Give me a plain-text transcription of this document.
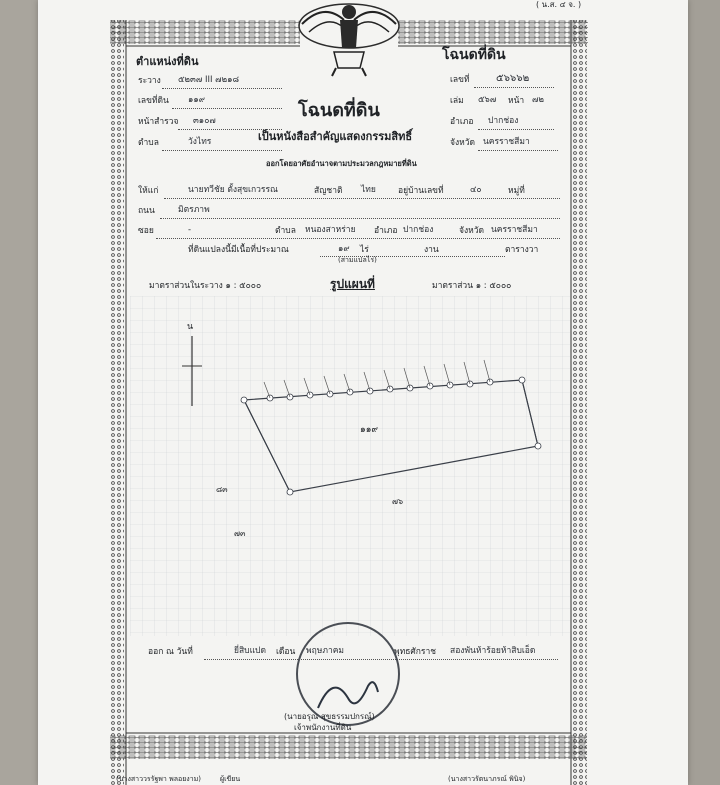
( น.ส. ๔ จ. )
ตำแหน่งที่ดิน	โฉนดที่ดิน
ระวาง ๕๒๓๗ III ๗๒๑๘
เลขที่ดิน ๑๑๙
หน้าสำรวจ ๓๑๐๗
ตำบล	วังไทร
เลขที่	๕๖๖๖๒
เล่ม ๕๖๗ หน้า ๗๒
อำเภอ ปากช่อง
จังหวัด นครราชสีมา
โฉนดที่ดิน
เป็นหนังสือสำคัญแสดงกรรมสิทธิ์
ออกโดยอาศัยอำนาจตามประมวลกฎหมายที่ดิน
ให้แก่	นายทวีชัย ตั้งสุขเกวรรณ	สัญชาติ ไทย	อยู่บ้านเลขที่	๔๐	หมู่ที่
ถนน	มิตรภาพ
ซอย	-	ตำบล หนองสาหร่าย อำเภอ ปากช่อง	จังหวัด นครราชสีมา
ที่ดินแปลงนี้มีเนื้อที่ประมาณ	๑๙ ไร่	งาน	ตารางวา
(สามแปลไร่)
มาตราส่วนในระวาง ๑ : ๕๐๐๐	รูปแผนที่	มาตราส่วน ๑ : ๕๐๐๐
น
๑๑๙
๗๖
๘๓
๗๓
ออก ณ วันที่	ยี่สิบแปด เดือน พฤษภาคม	พุทธศักราช สองพันห้าร้อยห้าสิบเอ็ด
(นายอรุณ สุขธรรมปกรณ์)
เจ้าพนักงานที่ดิน
(นางสาววรรัฐพา พลอยงาม)	ผู้เขียน	(นางสาวรัตนาภรณ์ พินิจ)
